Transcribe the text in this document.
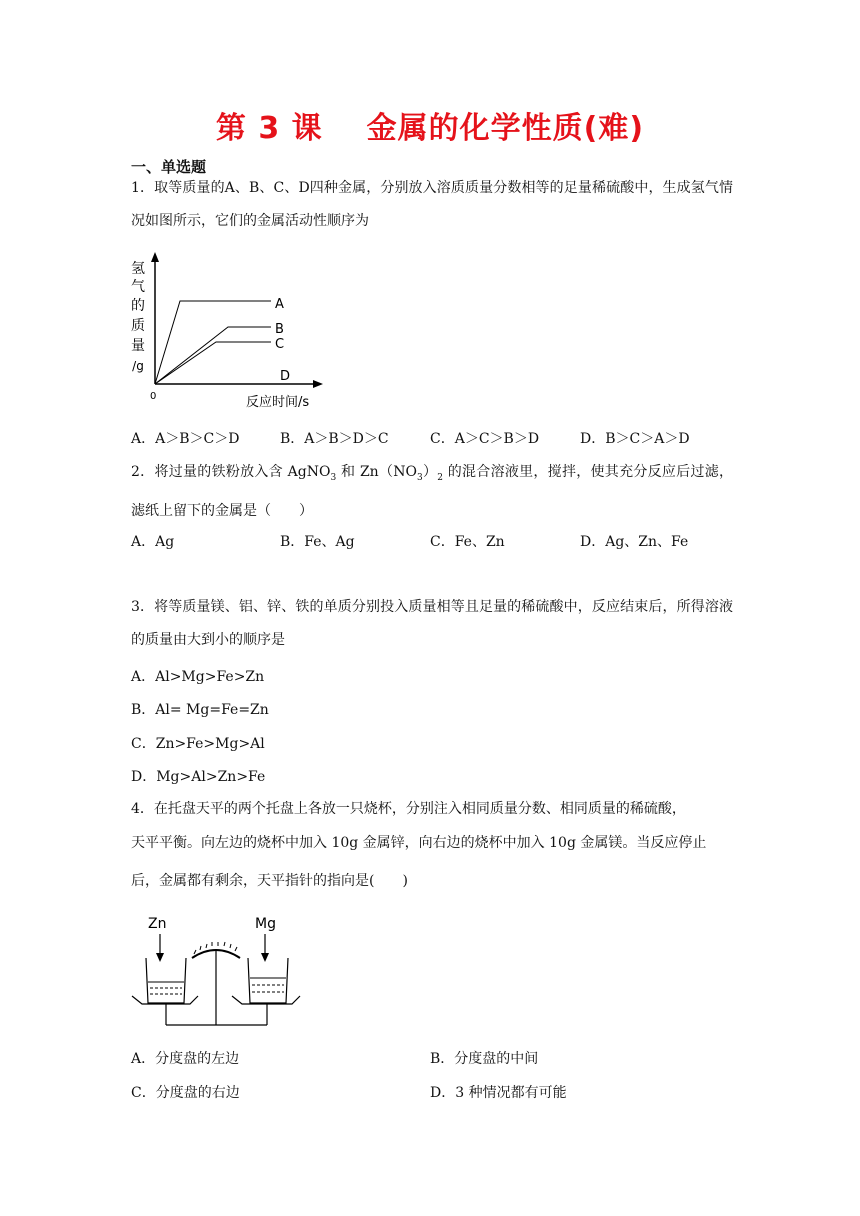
第 3 课 金属的化学性质(难)
一、单选题
1．取等质量的A、B、C、D四种金属，分别放入溶质质量分数相等的足量稀硫酸中，生成氢气情况如图所示，它们的金属活动性顺序为
氢
气
的
质
量
/g
0	反应时间/s
A
B
C
D
A．A＞B＞C＞D	B．A＞B＞D＞C	C．A＞C＞B＞D	D．B＞C＞A＞D
2．将过量的铁粉放入含 AgNO$_3$ 和 $Zn(NO_3)_2$ 的混合溶液里，搅拌，使其充分反应后过滤，滤纸上留下的金属是（　　）
A．Ag	B．Fe、Ag	C．Fe、Zn	D．Ag、Zn、Fe
3．将等质量镁、铝、锌、铁的单质分别投入质量相等且足量的稀硫酸中，反应结束后，所得溶液的质量由大到小的顺序是
A．Al>Mg>Fe>Zn
B．Al= Mg=Fe=Zn
C．Zn>Fe>Mg>Al
D．Mg>Al>Zn>Fe
4．在托盘天平的两个托盘上各放一只烧杯，分别注入相同质量分数、相同质量的稀硫酸，
天平平衡。向左边的烧杯中加入 10g 金属锌，向右边的烧杯中加入 10g 金属镁。当反应停止
后，金属都有剩余，天平指针的指向是(　　)
Zn	Mg
A．分度盘的左边	B．分度盘的中间
C．分度盘的右边	D．3 种情况都有可能
